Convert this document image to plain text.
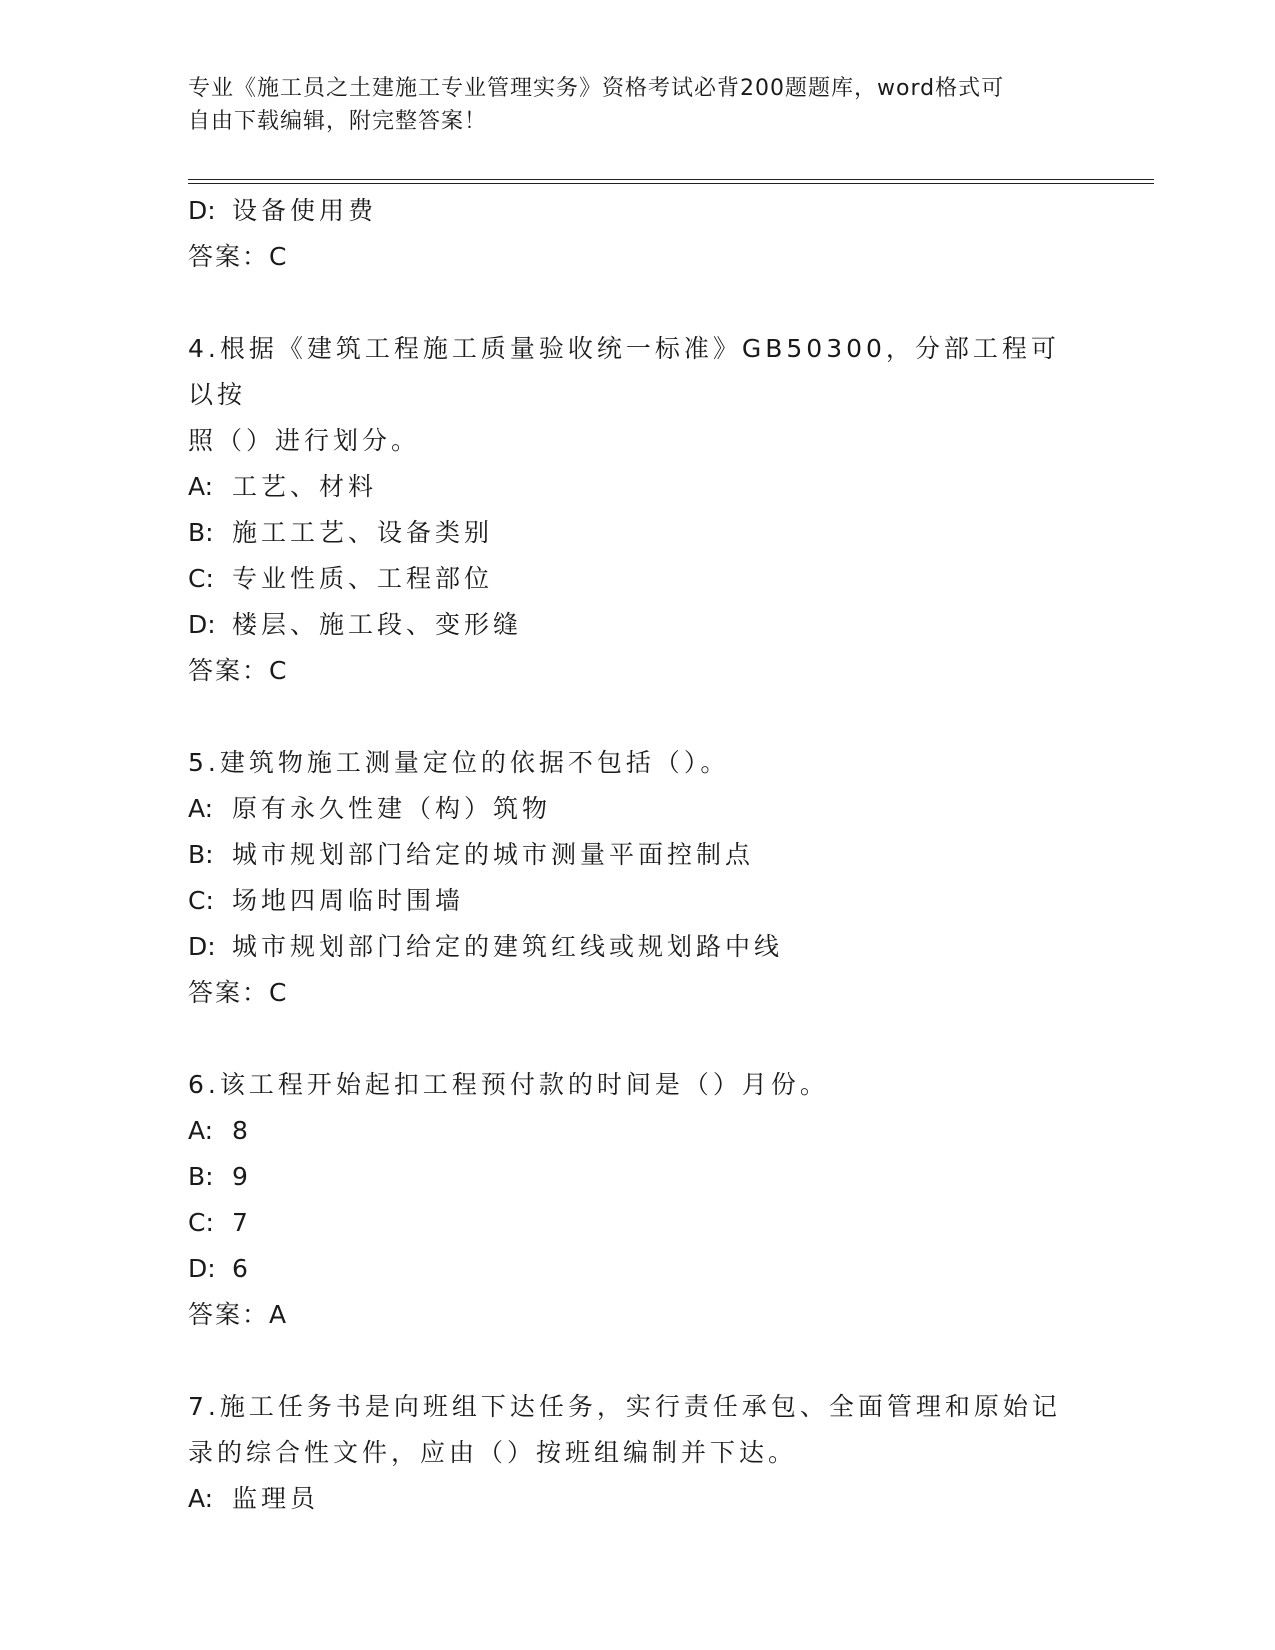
专业《施工员之土建施工专业管理实务》资格考试必背200题题库，word格式可
自由下载编辑，附完整答案！
D: 设备使用费
答案：C
4.根据《建筑工程施工质量验收统一标准》GB50300，分部工程可以按
照（）进行划分。
A: 工艺、材料
B: 施工工艺、设备类别
C: 专业性质、工程部位
D: 楼层、施工段、变形缝
答案：C
5.建筑物施工测量定位的依据不包括（）。
A: 原有永久性建（构）筑物
B: 城市规划部门给定的城市测量平面控制点
C: 场地四周临时围墙
D: 城市规划部门给定的建筑红线或规划路中线
答案：C
6.该工程开始起扣工程预付款的时间是（）月份。
A: 8
B: 9
C: 7
D: 6
答案：A
7.施工任务书是向班组下达任务，实行责任承包、全面管理和原始记
录的综合性文件，应由（）按班组编制并下达。
A: 监理员
